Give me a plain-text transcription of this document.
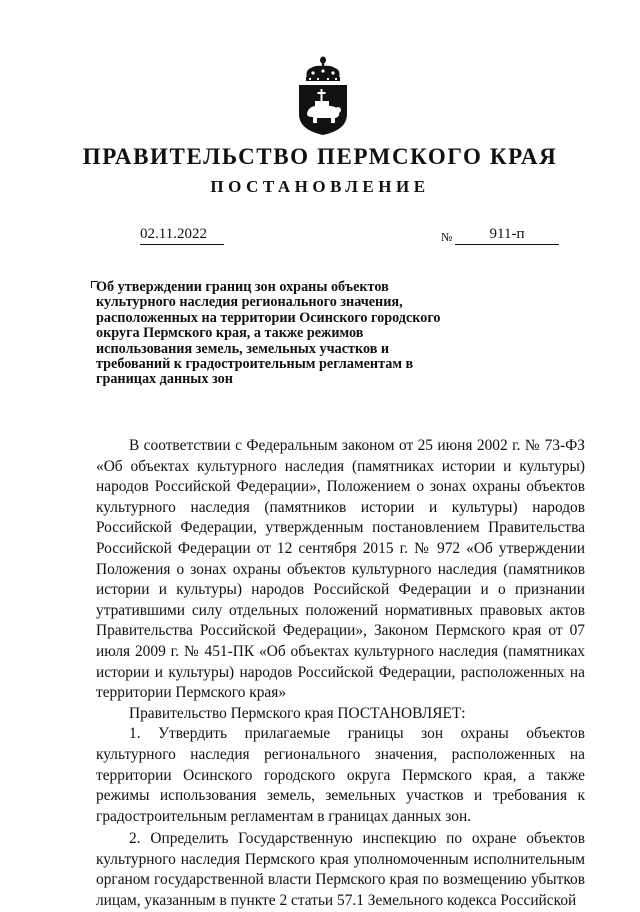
ПРАВИТЕЛЬСТВО ПЕРМСКОГО КРАЯ
ПОСТАНОВЛЕНИЕ
02.11.2022	№	911-п
Об утверждении границ зон охраны объектов культурного наследия регионального значения, расположенных на территории Осинского городского округа Пермского края, а также режимов использования земель, земельных участков и требований к градостроительным регламентам в границах данных зон

В соответствии с Федеральным законом от 25 июня 2002 г. № 73-ФЗ «Об объектах культурного наследия (памятниках истории и культуры) народов Российской Федерации», Положением о зонах охраны объектов культурного наследия (памятников истории и культуры) народов Российской Федерации, утвержденным постановлением Правительства Российской Федерации от 12 сентября 2015 г. № 972 «Об утверждении Положения о зонах охраны объектов культурного наследия (памятников истории и культуры) народов Российской Федерации и о признании утратившими силу отдельных положений нормативных правовых актов Правительства Российской Федерации», Законом Пермского края от 07 июля 2009 г. № 451-ПК «Об объектах культурного наследия (памятниках истории и культуры) народов Российской Федерации, расположенных на территории Пермского края»

Правительство Пермского края ПОСТАНОВЛЯЕТ:

1. Утвердить прилагаемые границы зон охраны объектов культурного наследия регионального значения, расположенных на территории Осинского городского округа Пермского края, а также режимы использования земель, земельных участков и требования к градостроительным регламентам в границах данных зон.

2. Определить Государственную инспекцию по охране объектов культурного наследия Пермского края уполномоченным исполнительным органом государственной власти Пермского края по возмещению убытков лицам, указанным в пункте 2 статьи 57.1 Земельного кодекса Российской
